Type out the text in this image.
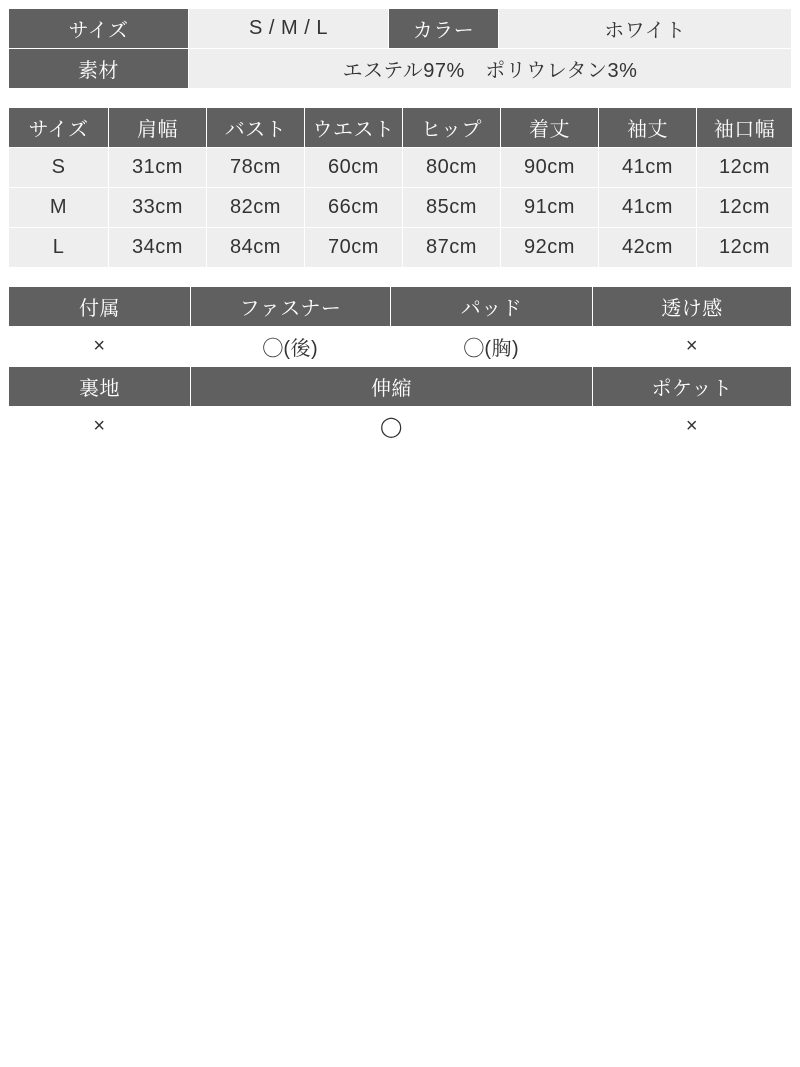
サイズ	S / M / L	カラー	ホワイト
素材	エステル97%　ポリウレタン3%		
サイズ	肩幅	バスト	ウエスト	ヒップ	着丈	袖丈	袖口幅
S	31cm	78cm	60cm	80cm	90cm	41cm	12cm
M	33cm	82cm	66cm	85cm	91cm	41cm	12cm
L	34cm	84cm	70cm	87cm	92cm	42cm	12cm
付属	ファスナー	パッド	透け感
×	◯(後)	◯(胸)	×
裏地	伸縮		ポケット
×	◯		×
